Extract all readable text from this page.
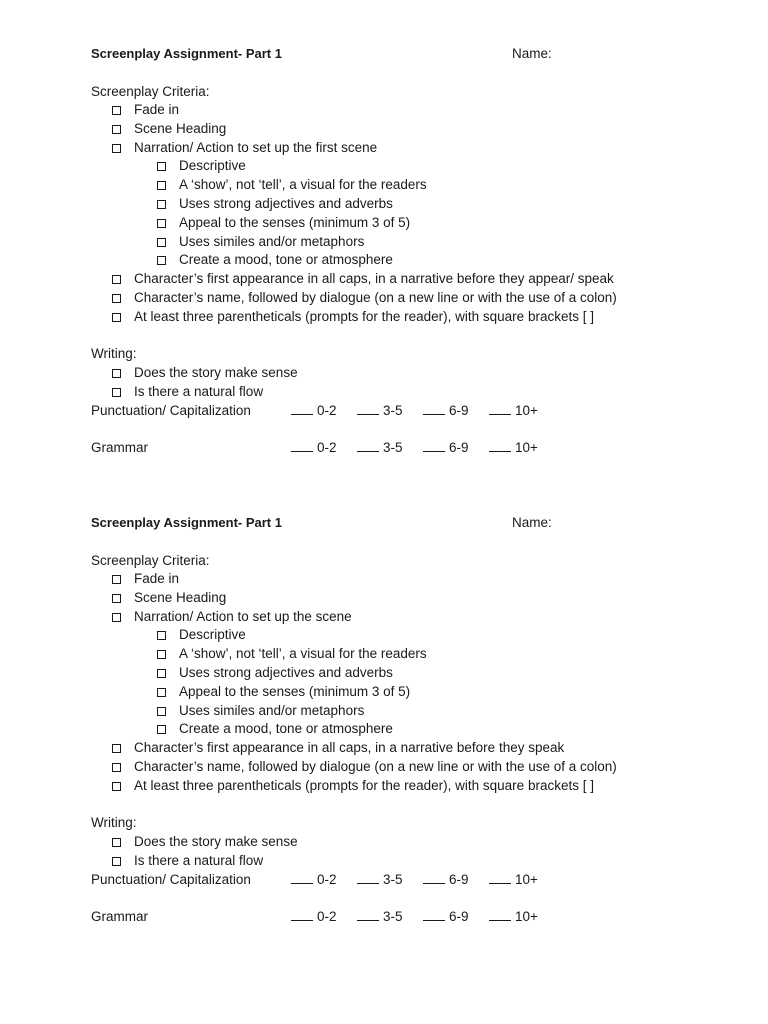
Screenplay Assignment- Part 1	Name:
Screenplay Criteria:
Fade in
Scene Heading
Narration/ Action to set up the first scene
Descriptive
A ‘show’, not ‘tell’, a visual for the readers
Uses strong adjectives and adverbs
Appeal to the senses (minimum 3 of 5)
Uses similes and/or metaphors
Create a mood, tone or atmosphere
Character’s first appearance in all caps, in a narrative before they appear/ speak
Character’s name, followed by dialogue (on a new line or with the use of a colon)
At least three parentheticals (prompts for the reader), with square brackets [ ]
Writing:
Does the story make sense
Is there a natural flow
Punctuation/ Capitalization	0-2	3-5	6-9	10+
Grammar	0-2	3-5	6-9	10+
Screenplay Assignment- Part 1	Name:
Screenplay Criteria:
Fade in
Scene Heading
Narration/ Action to set up the scene
Descriptive
A ‘show’, not ‘tell’, a visual for the readers
Uses strong adjectives and adverbs
Appeal to the senses (minimum 3 of 5)
Uses similes and/or metaphors
Create a mood, tone or atmosphere
Character’s first appearance in all caps, in a narrative before they speak
Character’s name, followed by dialogue (on a new line or with the use of a colon)
At least three parentheticals (prompts for the reader), with square brackets [ ]
Writing:
Does the story make sense
Is there a natural flow
Punctuation/ Capitalization	0-2	3-5	6-9	10+
Grammar	0-2	3-5	6-9	10+
